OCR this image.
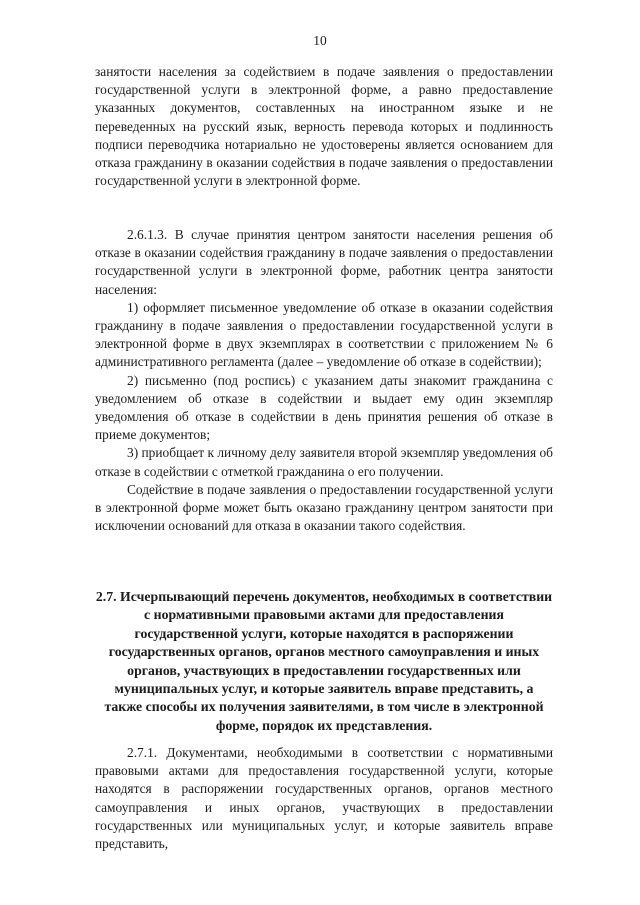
10

занятости населения за содействием в подаче заявления о предоставлении государственной услуги в электронной форме, а равно предоставление указанных документов, составленных на иностранном языке и не переведенных на русский язык, верность перевода которых и подлинность подписи переводчика нотариально не удостоверены является основанием для отказа гражданину в оказании содействия в подаче заявления о предоставлении государственной услуги в электронной форме.

2.6.1.3. В случае принятия центром занятости населения решения об отказе в оказании содействия гражданину в подаче заявления о предоставлении государственной услуги в электронной форме, работник центра занятости населения:

1) оформляет письменное уведомление об отказе в оказании содействия гражданину в подаче заявления о предоставлении государственной услуги в электронной форме в двух экземплярах в соответствии с приложением № 6 административного регламента (далее – уведомление об отказе в содействии);

2) письменно (под роспись) с указанием даты знакомит гражданина с уведомлением об отказе в содействии и выдает ему один экземпляр уведомления об отказе в содействии в день принятия решения об отказе в приеме документов;

3) приобщает к личному делу заявителя второй экземпляр уведомления об отказе в содействии с отметкой гражданина о его получении.

Содействие в подаче заявления о предоставлении государственной услуги в электронной форме может быть оказано гражданину центром занятости при исключении оснований для отказа в оказании такого содействия.

2.7. Исчерпывающий перечень документов, необходимых в соответствии с нормативными правовыми актами для предоставления государственной услуги, которые находятся в распоряжении государственных органов, органов местного самоуправления и иных органов, участвующих в предоставлении государственных или муниципальных услуг, и которые заявитель вправе представить, а также способы их получения заявителями, в том числе в электронной форме, порядок их представления.

2.7.1. Документами, необходимыми в соответствии с нормативными правовыми актами для предоставления государственной услуги, которые находятся в распоряжении государственных органов, органов местного самоуправления и иных органов, участвующих в предоставлении государственных или муниципальных услуг, и которые заявитель вправе представить,
